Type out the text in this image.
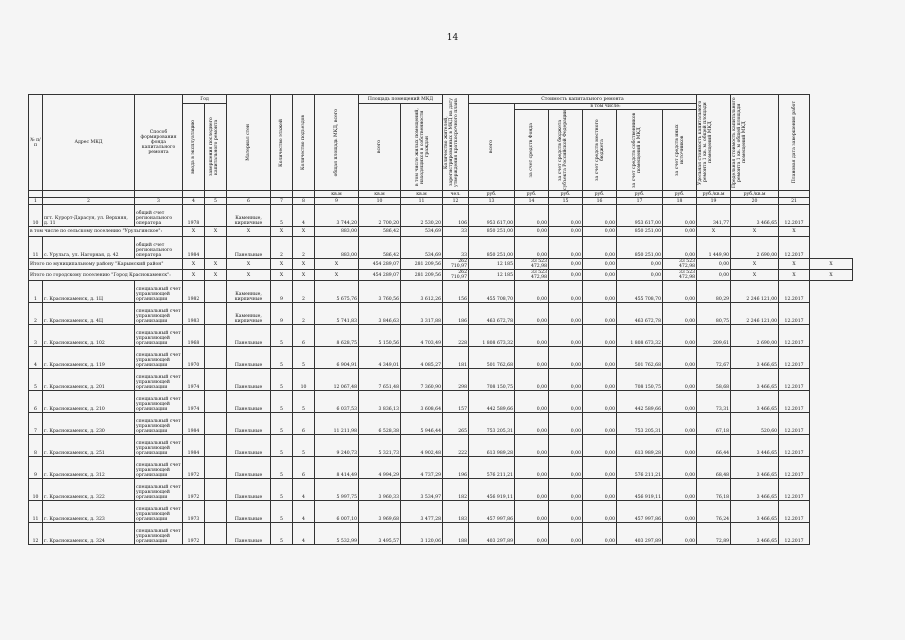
14
№ п/п	Адрес МКД	Способ формирования фонда капитального ремонта	Год		Материал стен	Количество этажей	Количество подъездов	общая площадь МКД, всего	Площадь помещений МКД		Количество жителей, зарегистрированных в МКД на дату утверждения краткосрочного плана	Стоимость капитального ремонта						Удельная стоимость капитального ремонта 1 кв. м. общей площади помещений МКД	Предельная стоимость капитального ремонта 1 кв. м общей площади помещений МКД	Плановая дата завершения работ	

			ввода в эксплуатацию	завершения последнего капитального ремонта					всего	в том числе жилых помещений, находящихся в собственности граждан		всего	в том числе:								

													за счет средств Фонда	за счет средств бюджета субъекта Российской Федерации	за счет средств местного бюджета	за счет средств собственников помещений в МКД	за счет средств иных источников				

								кв.м	кв.м	кв.м	чел.	руб.	руб.	руб.	руб.	руб.	руб.	руб./кв.м	руб./кв.м		
1	2	3	4	5	6	7	8	9	10	11	12	13	14	15	16	17	18	19	20	21	
10	пгт. Курорт-Дарасун, ул. Верхняя, д. 11	общий счет регионального оператора	1978		Каменные, кирпичные	5	4	3 744,20	2 700,20	2 530,20	106	953 617,00	0,00	0,00	0,00	953 617,00	0,00	341,77	3 466,65	12.2017	
в том числе по сельскому поселению "Урульгинское":			X	X	X	X	X	883,00	586,42	534,69	33	850 251,00	0,00	0,00	0,00	850 251,00	0,00	X	X	X	
11	с. Урульга, ул. Нагорная, д. 42	общий счет регионального оператора	1984		Панельные	2	2	883,00	586,42	534,69	33	850 251,00	0,00	0,00	0,00	850 251,00	0,00	1 449,90	2 690,00	12.2017	
Итого по муниципальному району "Карымский район"			X	X	X	X	X	X	454 289,07	281 209,56	262 710,97	12 185	33 523 472,98	0,00	0,00	0,00	33 523 472,98	0,00	X	X	X
Итого по городскому поселению "Город Краснокаменск":			X	X	X	X	X	X	454 289,07	281 209,56	262 710,97	12 185	33 523 472,98	0,00	0,00	0,00	33 523 472,98	0,00	X	X	X
1	г. Краснокаменск, д. 1Ц	специальный счет управляющей организации	1982		Каменные, кирпичные	9	2	5 675,76	3 760,56	3 612,26	156	455 708,70	0,00	0,00	0,00	455 708,70	0,00	80,29	2 246 121,00	12.2017	
2	г. Краснокаменск, д. 4Ц	специальный счет управляющей организации	1983		Каменные, кирпичные	9	2	5 741,83	3 846,63	3 317,88	186	463 672,78	0,00	0,00	0,00	463 672,78	0,00	80,75	2 246 121,00	12.2017	
3	г. Краснокаменск, д. 102	специальный счет управляющей организации	1968		Панельные	5	6	8 628,75	5 150,56	4 703,49	228	1 808 673,32	0,00	0,00	0,00	1 808 673,32	0,00	209,61	2 690,00	12.2017	
4	г. Краснокаменск, д. 119	специальный счет управляющей организации	1970		Панельные	5	5	6 904,91	4 349,01	4 085,27	181	501 762,68	0,00	0,00	0,00	501 762,68	0,00	72,67	3 466,65	12.2017	
5	г. Краснокаменск, д. 201	специальный счет управляющей организации	1974		Панельные	5	10	12 067,48	7 651,48	7 360,90	298	708 150,75	0,00	0,00	0,00	708 150,75	0,00	58,68	3 466,65	12.2017	
6	г. Краснокаменск, д. 210	специальный счет управляющей организации	1974		Панельные	5	5	6 037,53	3 836,13	3 608,64	157	442 589,66	0,00	0,00	0,00	442 589,66	0,00	73,31	3 466,65	12.2017	
7	г. Краснокаменск, д. 230	специальный счет управляющей организации	1984		Панельные	5	6	11 211,98	6 528,38	5 946,44	265	753 205,31	0,00	0,00	0,00	753 205,31	0,00	67,18	520,60	12.2017	
8	г. Краснокаменск, д. 251	специальный счет управляющей организации	1984		Панельные	5	5	9 240,73	5 321,73	4 902,48	222	613 989,28	0,00	0,00	0,00	613 989,28	0,00	66,44	3 446,65	12.2017	
9	г. Краснокаменск, д. 312	специальный счет управляющей организации	1972		Панельные	5	6	8 414,49	4 994,29	4 737,29	196	576 211,21	0,00	0,00	0,00	576 211,21	0,00	68,48	3 466,65	12.2017	
10	г. Краснокаменск, д. 322	специальный счет управляющей организации	1972		Панельные	5	4	5 997,75	3 960,33	3 534,97	182	456 919,11	0,00	0,00	0,00	456 919,11	0,00	76,18	3 466,65	12.2017	
11	г. Краснокаменск, д. 323	специальный счет управляющей организации	1973		Панельные	5	4	6 007,10	3 969,68	3 477,28	183	457 997,86	0,00	0,00	0,00	457 997,86	0,00	76,24	3 466,65	12.2017	
12	г. Краснокаменск, д. 324	специальный счет управляющей организации	1972		Панельные	5	4	5 532,99	3 495,57	3 120,06	188	403 297,89	0,00	0,00	0,00	403 297,89	0,00	72,89	3 466,65	12.2017	
